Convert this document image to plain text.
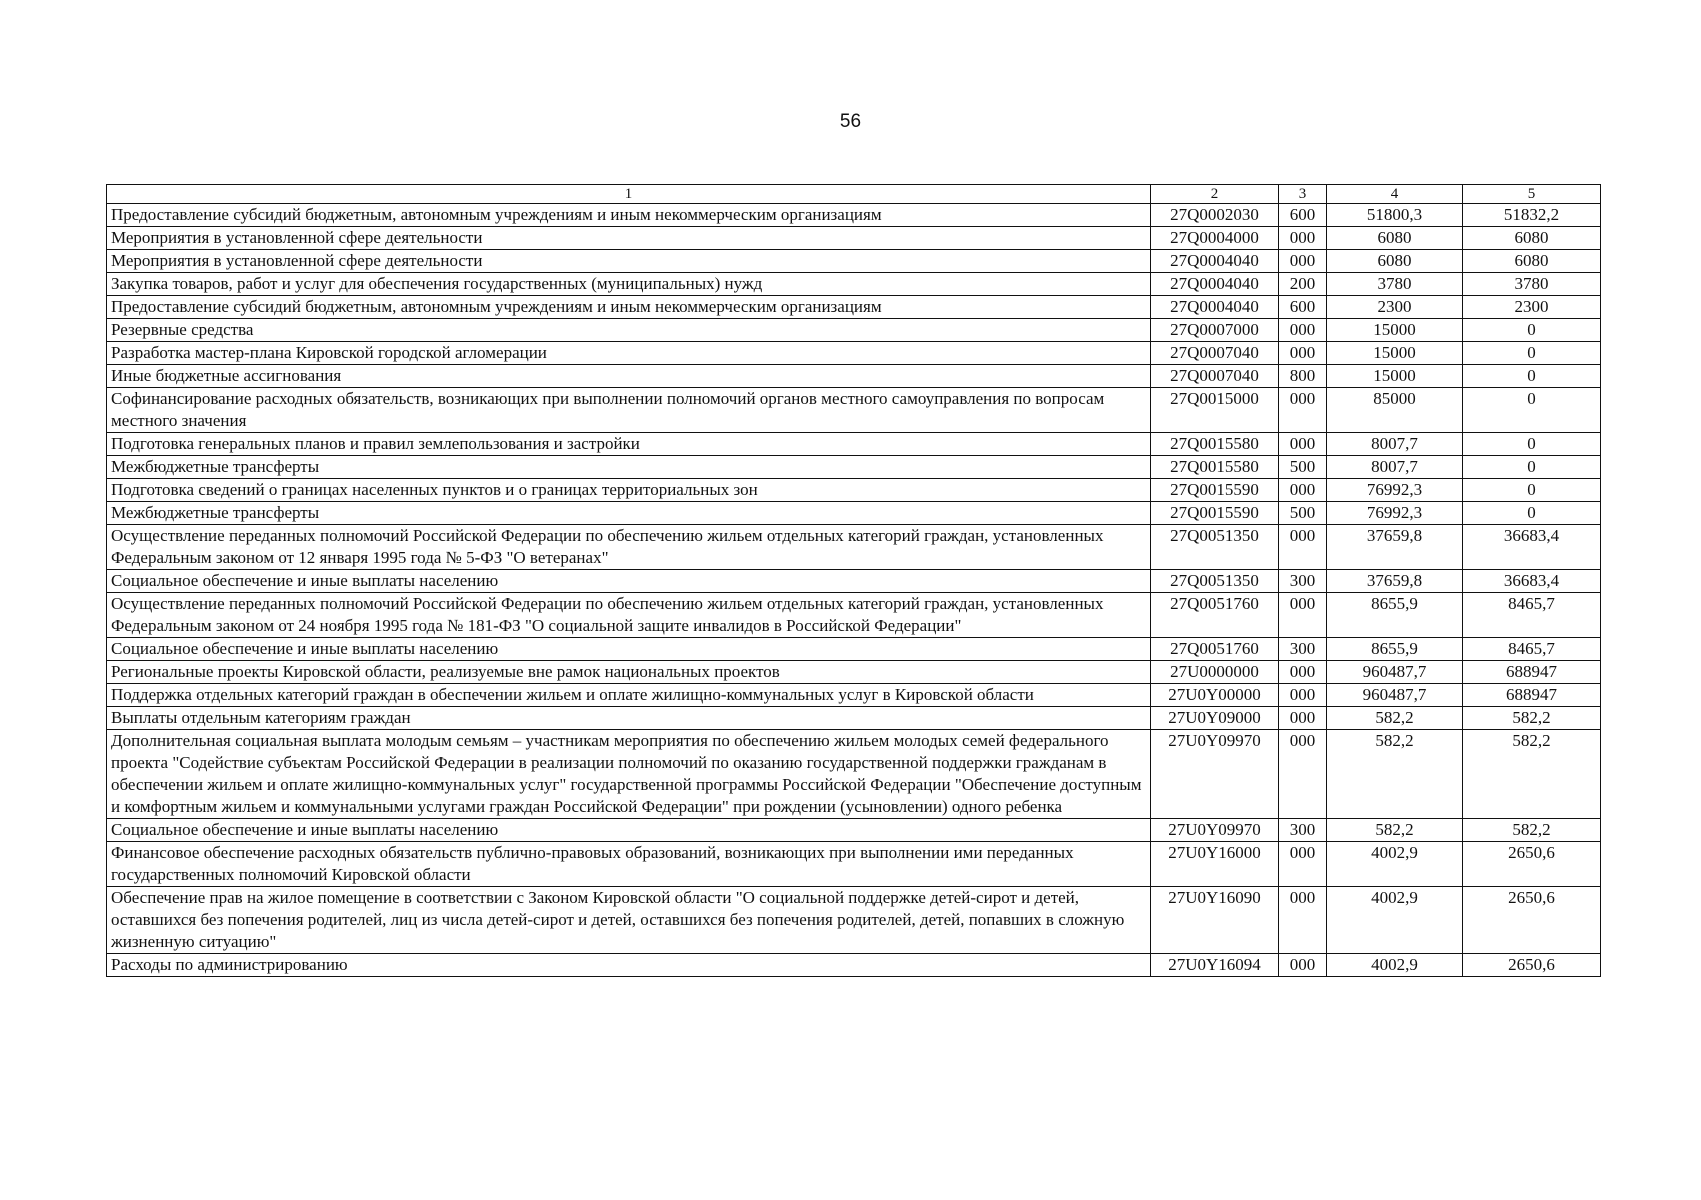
56
1	2	3	4	5
Предоставление субсидий бюджетным, автономным учреждениям и иным некоммерческим организациям	27Q0002030	600	51800,3	51832,2
Мероприятия в установленной сфере деятельности	27Q0004000	000	6080	6080
Мероприятия в установленной сфере деятельности	27Q0004040	000	6080	6080
Закупка товаров, работ и услуг для обеспечения государственных (муниципальных) нужд	27Q0004040	200	3780	3780
Предоставление субсидий бюджетным, автономным учреждениям и иным некоммерческим организациям	27Q0004040	600	2300	2300
Резервные средства	27Q0007000	000	15000	0
Разработка мастер-плана Кировской городской агломерации	27Q0007040	000	15000	0
Иные бюджетные ассигнования	27Q0007040	800	15000	0
Софинансирование расходных обязательств, возникающих при выполнении полномочий органов местного самоуправления по вопросам местного значения	27Q0015000	000	85000	0
Подготовка генеральных планов и правил землепользования и застройки	27Q0015580	000	8007,7	0
Межбюджетные трансферты	27Q0015580	500	8007,7	0
Подготовка сведений о границах населенных пунктов и о границах территориальных зон	27Q0015590	000	76992,3	0
Межбюджетные трансферты	27Q0015590	500	76992,3	0
Осуществление переданных полномочий Российской Федерации по обеспечению жильем отдельных категорий граждан, установленных Федеральным законом от 12 января 1995 года № 5-ФЗ "О ветеранах"	27Q0051350	000	37659,8	36683,4
Социальное обеспечение и иные выплаты населению	27Q0051350	300	37659,8	36683,4
Осуществление переданных полномочий Российской Федерации по обеспечению жильем отдельных категорий граждан, установленных Федеральным законом от 24 ноября 1995 года № 181-ФЗ "О социальной защите инвалидов в Российской Федерации"	27Q0051760	000	8655,9	8465,7
Социальное обеспечение и иные выплаты населению	27Q0051760	300	8655,9	8465,7
Региональные проекты Кировской области, реализуемые вне рамок национальных проектов	27U0000000	000	960487,7	688947
Поддержка отдельных категорий граждан в обеспечении жильем и оплате жилищно-коммунальных услуг в Кировской области	27U0Y00000	000	960487,7	688947
Выплаты отдельным категориям граждан	27U0Y09000	000	582,2	582,2
Дополнительная социальная выплата молодым семьям – участникам мероприятия по обеспечению жильем молодых семей федерального проекта "Содействие субъектам Российской Федерации в реализации полномочий по оказанию государственной поддержки гражданам в обеспечении жильем и оплате жилищно-коммунальных услуг" государственной программы Российской Федерации "Обеспечение доступным и комфортным жильем и коммунальными услугами граждан Российской Федерации" при рождении (усыновлении) одного ребенка	27U0Y09970	000	582,2	582,2
Социальное обеспечение и иные выплаты населению	27U0Y09970	300	582,2	582,2
Финансовое обеспечение расходных обязательств публично-правовых образований, возникающих при выполнении ими переданных государственных полномочий Кировской области	27U0Y16000	000	4002,9	2650,6
Обеспечение прав на жилое помещение в соответствии с Законом Кировской области "О социальной поддержке детей-сирот и детей, оставшихся без попечения родителей, лиц из числа детей-сирот и детей, оставшихся без попечения родителей, детей, попавших в сложную жизненную ситуацию"	27U0Y16090	000	4002,9	2650,6
Расходы по администрированию	27U0Y16094	000	4002,9	2650,6
